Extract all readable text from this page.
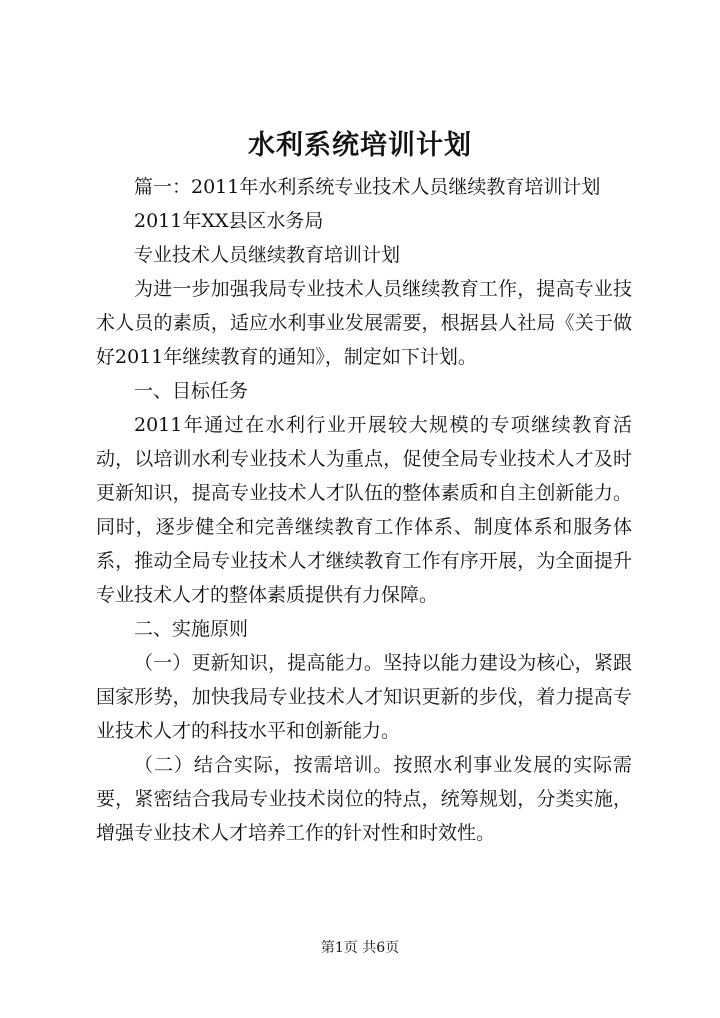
水利系统培训计划

篇一：2011年水利系统专业技术人员继续教育培训计划

2011年XX县区水务局

专业技术人员继续教育培训计划

为进一步加强我局专业技术人员继续教育工作，提高专业技术人员的素质，适应水利事业发展需要，根据县人社局《关于做好2011年继续教育的通知》，制定如下计划。

一、目标任务

2011年通过在水利行业开展较大规模的专项继续教育活动，以培训水利专业技术人为重点，促使全局专业技术人才及时更新知识，提高专业技术人才队伍的整体素质和自主创新能力。同时，逐步健全和完善继续教育工作体系、制度体系和服务体系，推动全局专业技术人才继续教育工作有序开展，为全面提升专业技术人才的整体素质提供有力保障。

二、实施原则

（一）更新知识，提高能力。坚持以能力建设为核心，紧跟国家形势，加快我局专业技术人才知识更新的步伐，着力提高专业技术人才的科技水平和创新能力。

（二）结合实际，按需培训。按照水利事业发展的实际需要，紧密结合我局专业技术岗位的特点，统筹规划，分类实施，增强专业技术人才培养工作的针对性和时效性。

第1页 共6页
